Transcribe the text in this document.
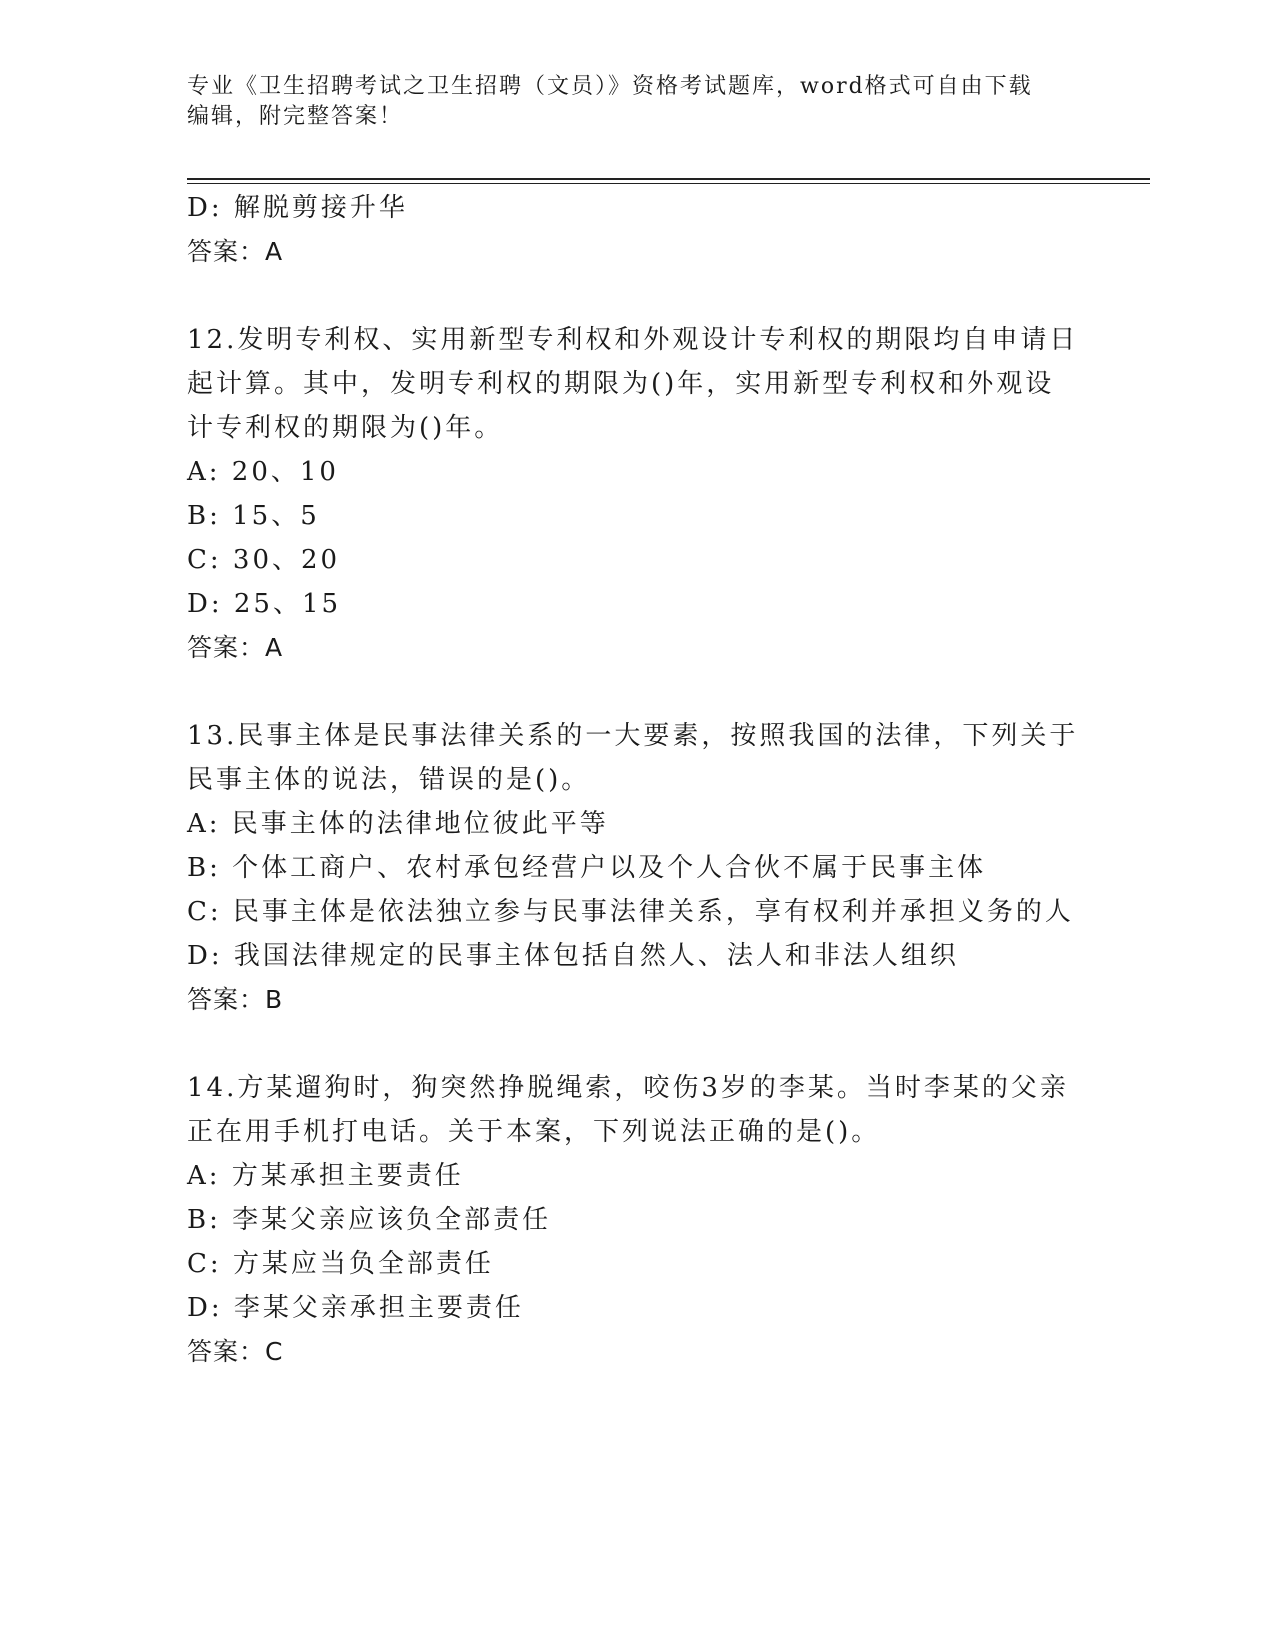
专业《卫生招聘考试之卫生招聘（文员）》资格考试题库，word格式可自由下载
编辑，附完整答案！
D: 解脱剪接升华
答案：A
12.发明专利权、实用新型专利权和外观设计专利权的期限均自申请日
起计算。其中，发明专利权的期限为()年，实用新型专利权和外观设
计专利权的期限为()年。
A: 20、10
B: 15、5
C: 30、20
D: 25、15
答案：A
13.民事主体是民事法律关系的一大要素，按照我国的法律，下列关于
民事主体的说法，错误的是()。
A: 民事主体的法律地位彼此平等
B: 个体工商户、农村承包经营户以及个人合伙不属于民事主体
C: 民事主体是依法独立参与民事法律关系，享有权利并承担义务的人
D: 我国法律规定的民事主体包括自然人、法人和非法人组织
答案：B
14.方某遛狗时，狗突然挣脱绳索，咬伤3岁的李某。当时李某的父亲
正在用手机打电话。关于本案，下列说法正确的是()。
A: 方某承担主要责任
B: 李某父亲应该负全部责任
C: 方某应当负全部责任
D: 李某父亲承担主要责任
答案：C
